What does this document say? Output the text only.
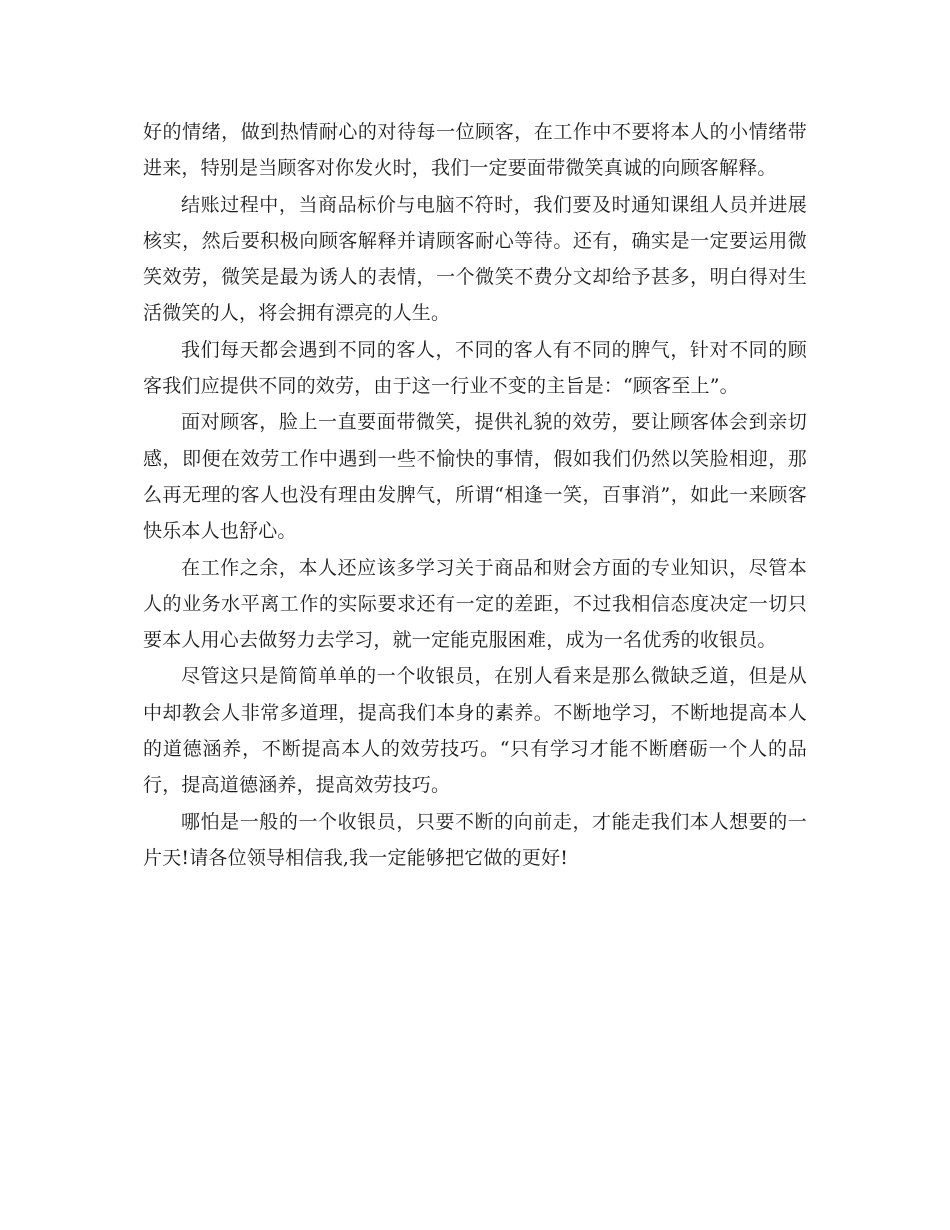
好的情绪，做到热情耐心的对待每一位顾客，在工作中不要将本人的小情绪带进来，特别是当顾客对你发火时，我们一定要面带微笑真诚的向顾客解释。

结账过程中，当商品标价与电脑不符时，我们要及时通知课组人员并进展核实，然后要积极向顾客解释并请顾客耐心等待。还有，确实是一定要运用微笑效劳，微笑是最为诱人的表情，一个微笑不费分文却给予甚多，明白得对生活微笑的人，将会拥有漂亮的人生。

我们每天都会遇到不同的客人，不同的客人有不同的脾气，针对不同的顾客我们应提供不同的效劳，由于这一行业不变的主旨是：“顾客至上”。

面对顾客，脸上一直要面带微笑，提供礼貌的效劳，要让顾客体会到亲切感，即便在效劳工作中遇到一些不愉快的事情，假如我们仍然以笑脸相迎，那么再无理的客人也没有理由发脾气，所谓“相逢一笑，百事消”，如此一来顾客快乐本人也舒心。

在工作之余，本人还应该多学习关于商品和财会方面的专业知识，尽管本人的业务水平离工作的实际要求还有一定的差距，不过我相信态度决定一切只要本人用心去做努力去学习，就一定能克服困难，成为一名优秀的收银员。

尽管这只是简简单单的一个收银员，在别人看来是那么微缺乏道，但是从中却教会人非常多道理，提高我们本身的素养。不断地学习，不断地提高本人的道德涵养，不断提高本人的效劳技巧。“只有学习才能不断磨砺一个人的品行，提高道德涵养，提高效劳技巧。

哪怕是一般的一个收银员，只要不断的向前走，才能走我们本人想要的一片天!请各位领导相信我,我一定能够把它做的更好!
